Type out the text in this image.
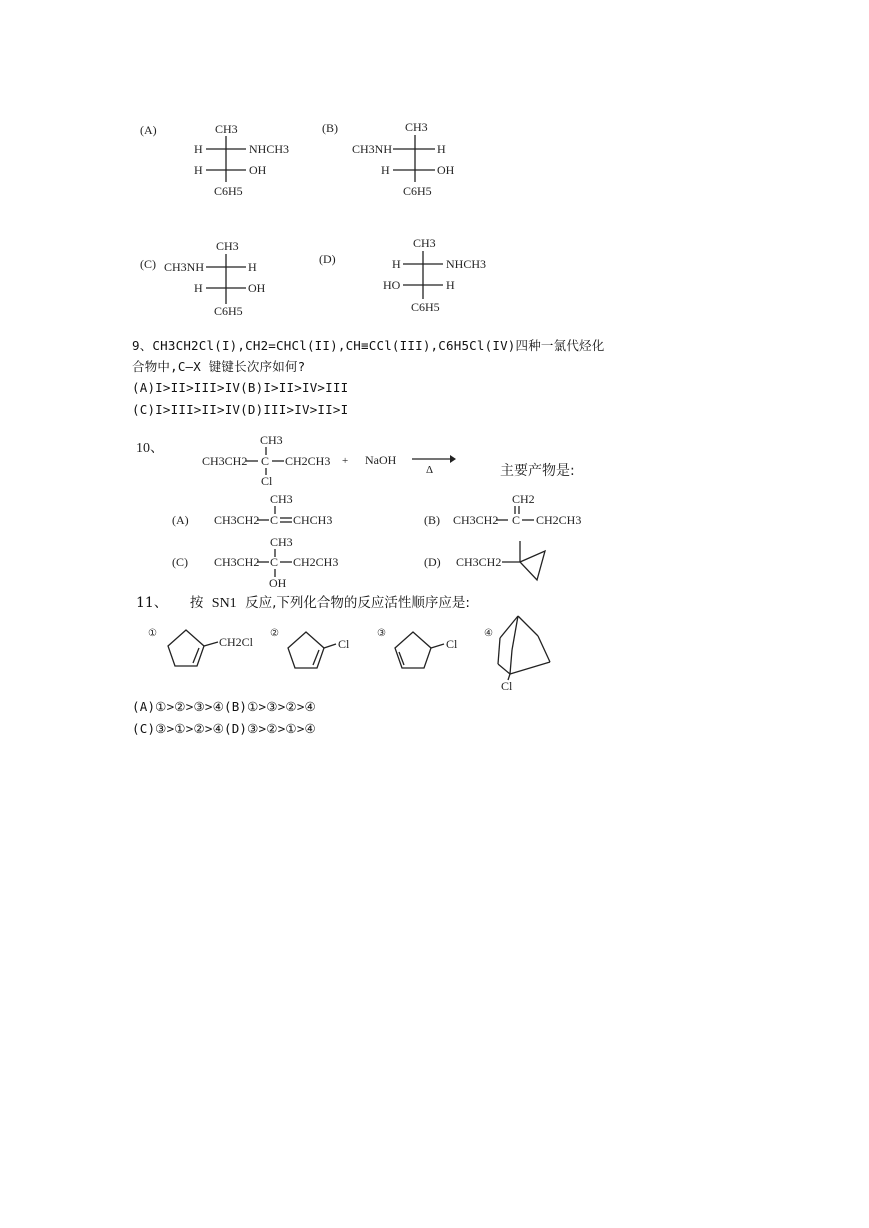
(A)	CH3
H	NHCH3
H	OH
C6H5
(B)	CH3
CH3NH	H
H	OH
C6H5
(C)
CH3
CH3NH	H
H	OH
C6H5
(D)
CH3
H	NHCH3
HO	H
C6H5
9、CH3CH2Cl(I),CH2=CHCl(II),CH≡CCl(III),C6H5Cl(IV)四种一氯代烃化
合物中,C—X 键键长次序如何?
(A)I>II>III>IV(B)I>II>IV>III
(C)I>III>II>IV(D)III>IV>II>I
10、
CH3
CH3CH2 C CH2CH3
Cl
+ NaOH
Δ	主要产物是:
(A)
CH3
CH3CH2 C CHCH3	(B)
CH2
CH3CH2 C CH2CH3
(C)
CH3
CH3CH2 C CH2CH3
OH
(D) CH3CH2
11、 按 SN1 反应,下列化合物的反应活性顺序应是:
①
CH2Cl
②
Cl
③
Cl
④
Cl
(A)①>②>③>④(B)①>③>②>④
(C)③>①>②>④(D)③>②>①>④
